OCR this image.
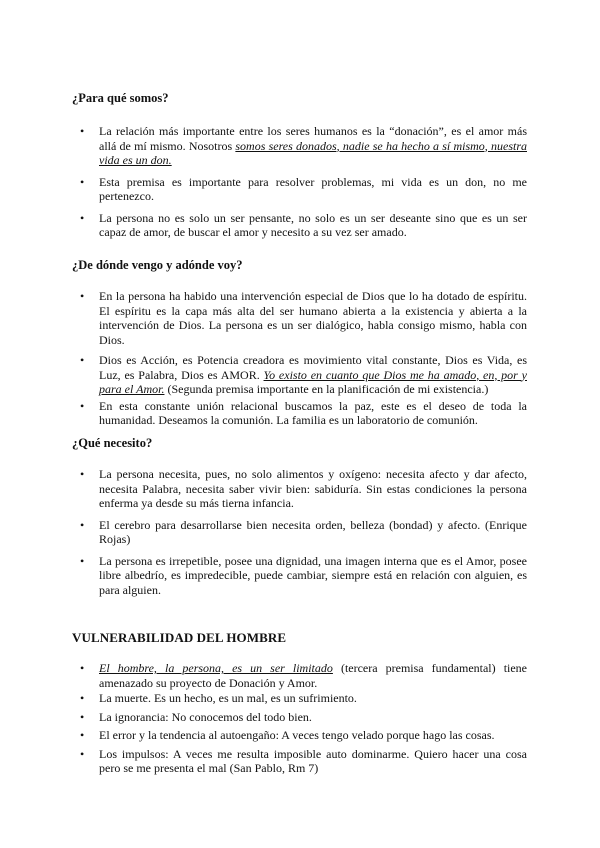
¿Para qué somos?
• La relación más importante entre los seres humanos es la “donación”, es el amor más allá de mí mismo. Nosotros somos seres donados, nadie se ha hecho a sí mismo, nuestra vida es un don.
• Esta premisa es importante para resolver problemas, mi vida es un don, no me pertenezco.
• La persona no es solo un ser pensante, no solo es un ser deseante sino que es un ser capaz de amor, de buscar el amor y necesito a su vez ser amado.
¿De dónde vengo y adónde voy?
• En la persona ha habido una intervención especial de Dios que lo ha dotado de espíritu. El espíritu es la capa más alta del ser humano abierta a la existencia y abierta a la intervención de Dios. La persona es un ser dialógico, habla consigo mismo, habla con Dios.
• Dios es Acción, es Potencia creadora es movimiento vital constante, Dios es Vida, es Luz, es Palabra, Dios es AMOR. Yo existo en cuanto que Dios me ha amado, en, por y para el Amor. (Segunda premisa importante en la planificación de mi existencia.)
• En esta constante unión relacional buscamos la paz, este es el deseo de toda la humanidad. Deseamos la comunión. La familia es un laboratorio de comunión.
¿Qué necesito?
• La persona necesita, pues, no solo alimentos y oxígeno: necesita afecto y dar afecto, necesita Palabra, necesita saber vivir bien: sabiduría. Sin estas condiciones la persona enferma ya desde su más tierna infancia.
• El cerebro para desarrollarse bien necesita orden, belleza (bondad) y afecto. (Enrique Rojas)
• La persona es irrepetible, posee una dignidad, una imagen interna que es el Amor, posee libre albedrío, es impredecible, puede cambiar, siempre está en relación con alguien, es para alguien.
VULNERABILIDAD DEL HOMBRE
• El hombre, la persona, es un ser limitado (tercera premisa fundamental) tiene amenazado su proyecto de Donación y Amor.
• La muerte. Es un hecho, es un mal, es un sufrimiento.
• La ignorancia: No conocemos del todo bien.
• El error y la tendencia al autoengaño: A veces tengo velado porque hago las cosas.
• Los impulsos: A veces me resulta imposible auto dominarme. Quiero hacer una cosa pero se me presenta el mal (San Pablo, Rm 7)
